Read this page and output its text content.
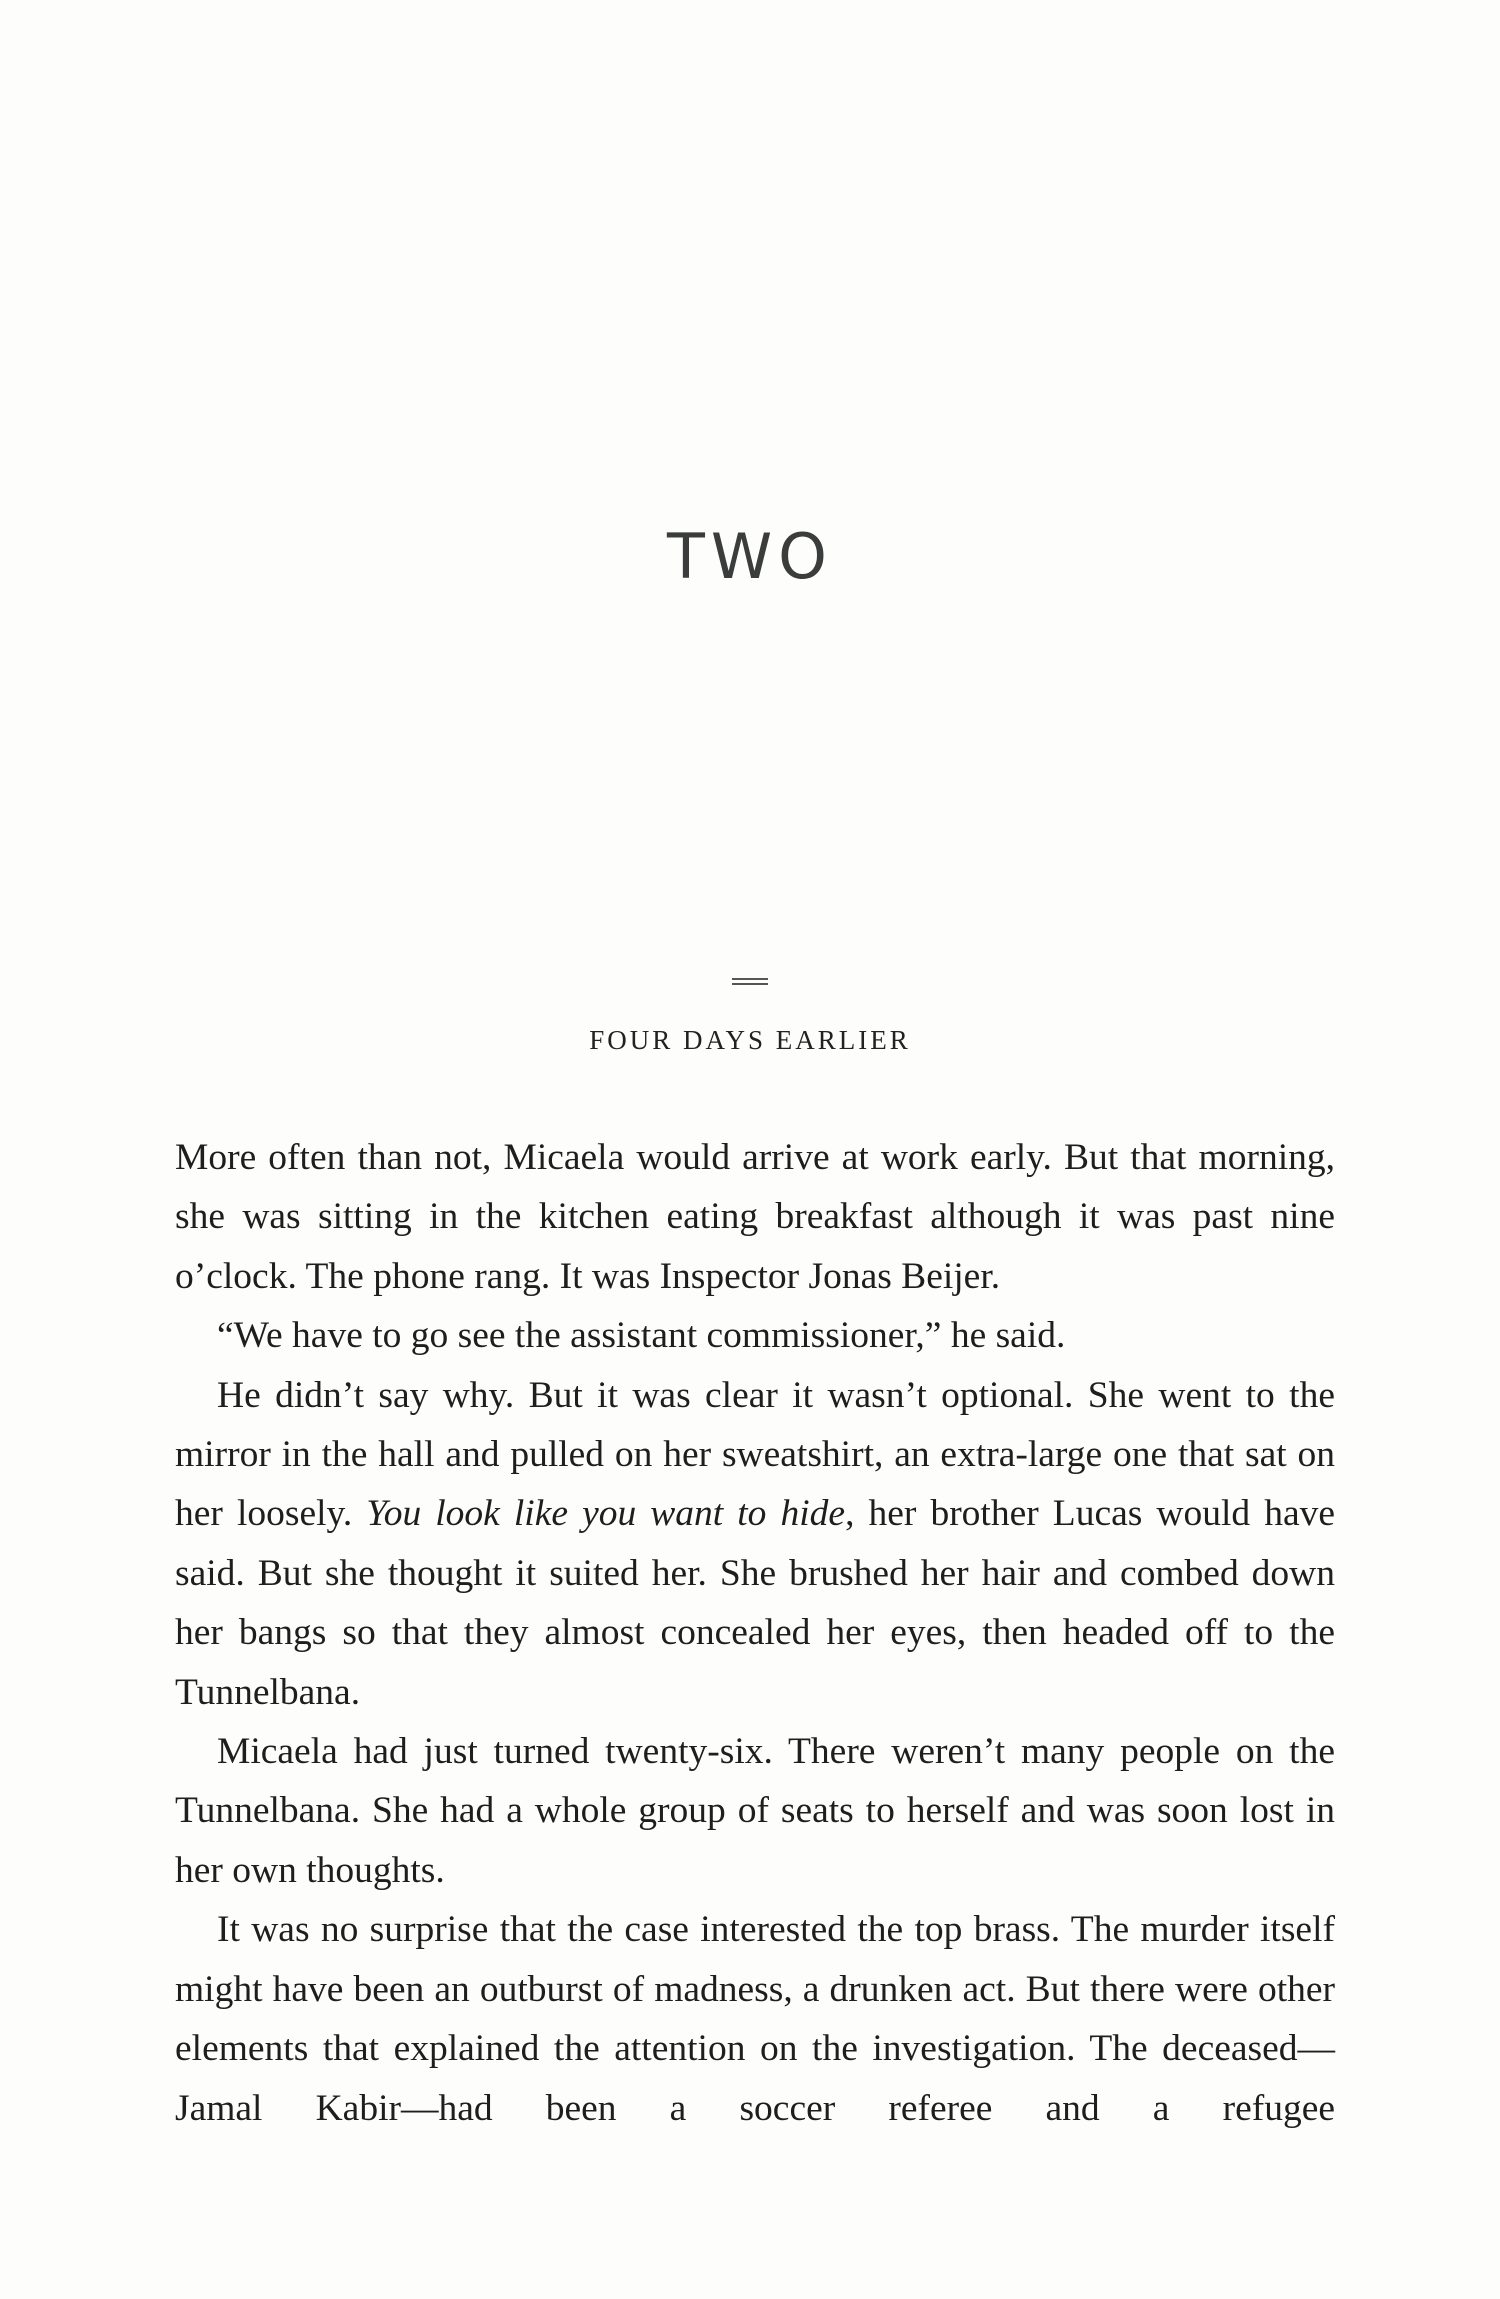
TWO
FOUR DAYS EARLIER

More often than not, Micaela would arrive at work early. But that morning, she was sitting in the kitchen eating breakfast although it was past nine o’clock. The phone rang. It was Inspector Jonas Beijer.

“We have to go see the assistant commissioner,” he said.

He didn’t say why. But it was clear it wasn’t optional. She went to the mirror in the hall and pulled on her sweatshirt, an extra-large one that sat on her loosely. You look like you want to hide, her brother Lucas would have said. But she thought it suited her. She brushed her hair and combed down her bangs so that they almost concealed her eyes, then headed off to the Tunnelbana.

Micaela had just turned twenty-six. There weren’t many people on the Tunnelbana. She had a whole group of seats to herself and was soon lost in her own thoughts.

It was no surprise that the case interested the top brass. The murder itself might have been an outburst of madness, a drunken act. But there were other elements that explained the attention on the investigation. The deceased—Jamal Kabir—had been a soccer referee and a refugee
